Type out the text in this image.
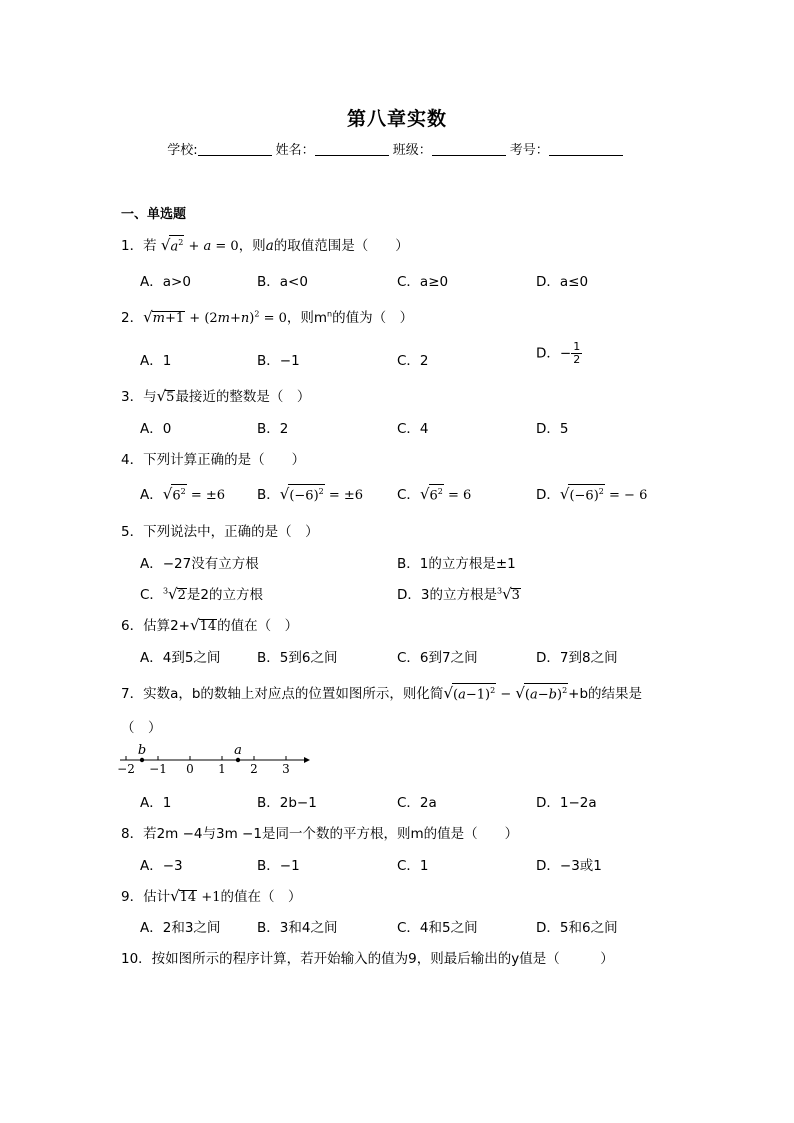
第八章实数
学校:	姓名：	班级：	考号：
一、单选题
1．若 $√a^2 + a = 0$，则a的取值范围是（　　）
A．a>0	B．a<0	C．a≥0	D．a≤0
2．$√m+1 + (2m+n)^2 = 0$，则$m^n$的值为（　）
A．1	B．−1	C．2	D．− $\frac{1}{2}$
3．与√5最接近的整数是（　）
A．0	B．2	C．4	D．5
4．下列计算正确的是（　　）
A．$√6^2 = \pm 6$ B．$√(-6)^2 = \pm 6$	C．$√6^2 = 6$	D．$√(-6)^2$ = − 6
5．下列说法中，正确的是（　）
A．−27没有立方根	B．1的立方根是±1
C．$^3$√2是2的立方根	D．3的立方根是$^3$√3
6．估算2+√14的值在（　）
A．4到5之间	B．5到6之间	C．6到7之间	D．7到8之间
7．实数a，b的数轴上对应点的位置如图所示，则化简$√(a-1)^2 - √(a-b)^2+b$的结果是
（　）
−2 −1 0 1 2 3
b	a
A．1	B．2b−1	C．2a	D．1−2a
8．若2m −4与3m −1是同一个数的平方根，则m的值是（　　）
A．−3	B．−1	C．1	D．−3或1
9．估计√14 +1的值在（　）
A．2和3之间	B．3和4之间	C．4和5之间	D．5和6之间
10．按如图所示的程序计算，若开始输入的值为9，则最后输出的y值是（　　　）
